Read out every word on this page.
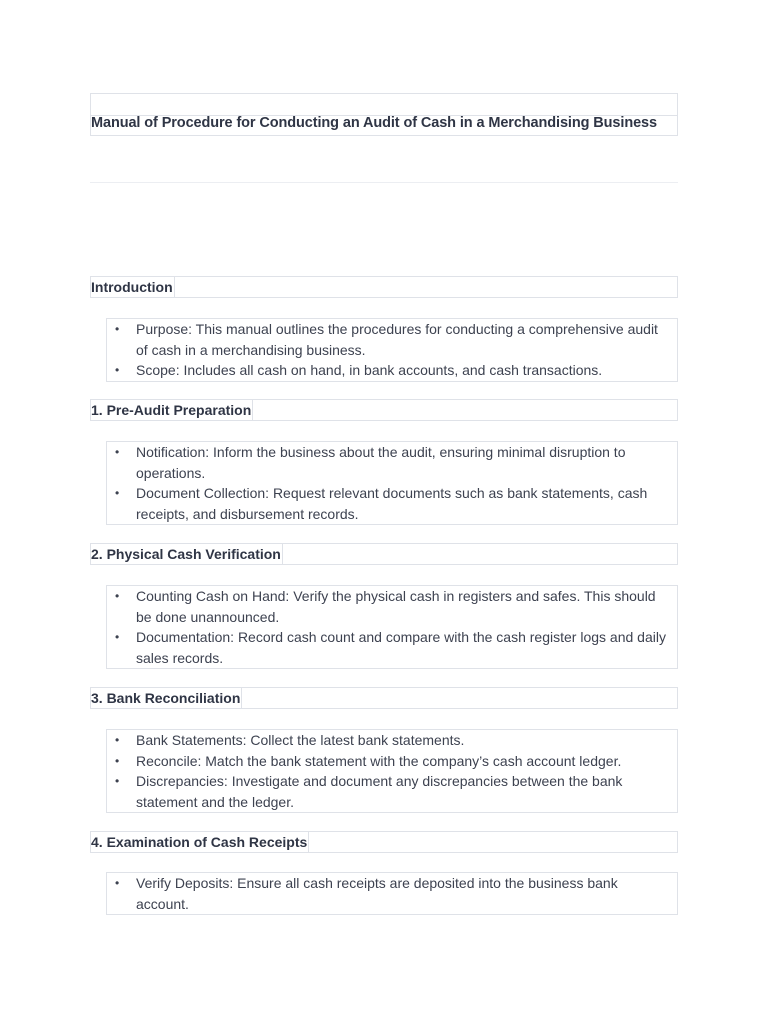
Manual of Procedure for Conducting an Audit of Cash in a Merchandising Business
Introduction
• Purpose: This manual outlines the procedures for conducting a comprehensive audit of cash in a merchandising business.
• Scope: Includes all cash on hand, in bank accounts, and cash transactions.
1. Pre-Audit Preparation
• Notification: Inform the business about the audit, ensuring minimal disruption to operations.
• Document Collection: Request relevant documents such as bank statements, cash receipts, and disbursement records.
2. Physical Cash Verification
• Counting Cash on Hand: Verify the physical cash in registers and safes. This should be done unannounced.
• Documentation: Record cash count and compare with the cash register logs and daily sales records.
3. Bank Reconciliation
• Bank Statements: Collect the latest bank statements.
• Reconcile: Match the bank statement with the company’s cash account ledger.
• Discrepancies: Investigate and document any discrepancies between the bank statement and the ledger.
4. Examination of Cash Receipts
• Verify Deposits: Ensure all cash receipts are deposited into the business bank account.
